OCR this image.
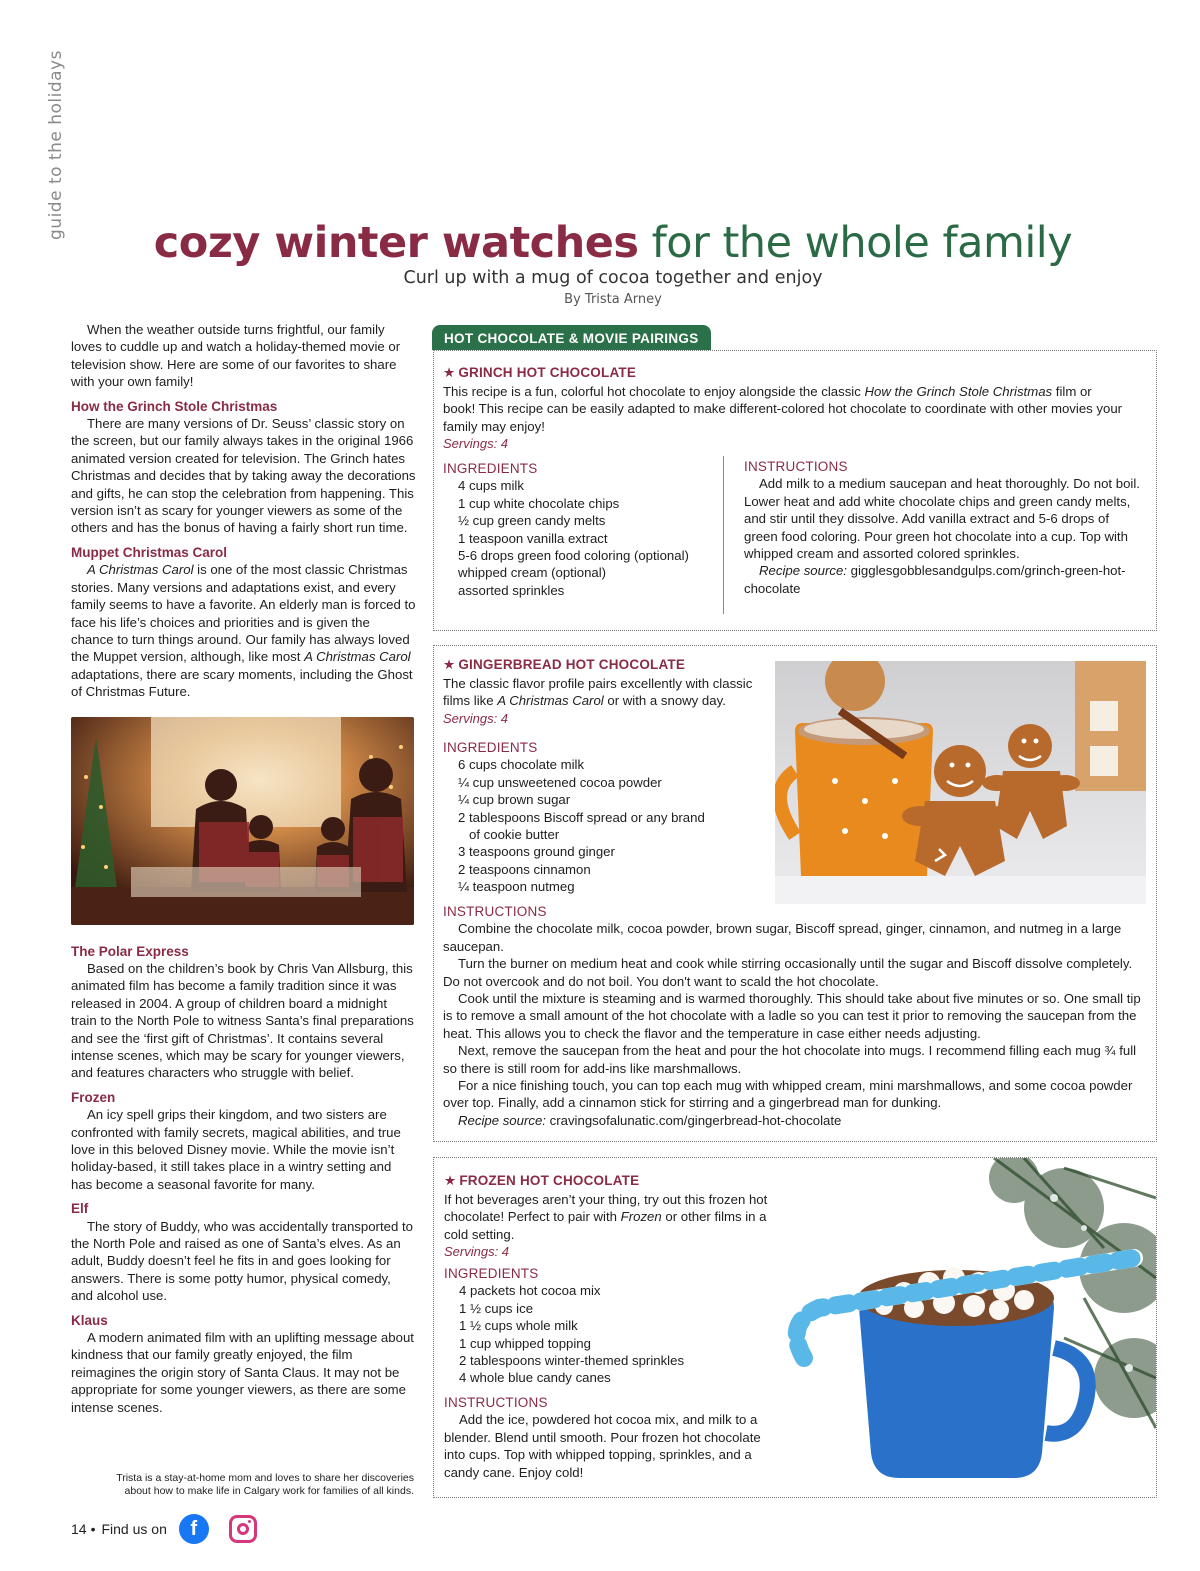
guide to the holidays
cozy winter watches for the whole family
Curl up with a mug of cocoa together and enjoy
By Trista Arney

When the weather outside turns frightful, our family loves to cuddle up and watch a holiday-themed movie or television show. Here are some of our favorites to share with your own family!

How the Grinch Stole Christmas

There are many versions of Dr. Seuss’ classic story on the screen, but our family always takes in the original 1966 animated version created for television. The Grinch hates Christmas and decides that by taking away the decorations and gifts, he can stop the celebration from happening. This version isn’t as scary for younger viewers as some of the others and has the bonus of having a fairly short run time.

Muppet Christmas Carol

A Christmas Carol is one of the most classic Christmas stories. Many versions and adaptations exist, and every family seems to have a favorite. An elderly man is forced to face his life’s choices and priorities and is given the chance to turn things around. Our family has always loved the Muppet version, although, like most A Christmas Carol adaptations, there are scary moments, including the Ghost of Christmas Future.

The Polar Express

Based on the children’s book by Chris Van Allsburg, this animated film has become a family tradition since it was released in 2004. A group of children board a midnight train to the North Pole to witness Santa’s final preparations and see the ‘first gift of Christmas’. It contains several intense scenes, which may be scary for younger viewers, and features characters who struggle with belief.

Frozen

An icy spell grips their kingdom, and two sisters are confronted with family secrets, magical abilities, and true love in this beloved Disney movie. While the movie isn’t holiday-based, it still takes place in a wintry setting and has become a seasonal favorite for many.

Elf

The story of Buddy, who was accidentally transported to the North Pole and raised as one of Santa’s elves. As an adult, Buddy doesn’t feel he fits in and goes looking for answers. There is some potty humor, physical comedy, and alcohol use.

Klaus

A modern animated film with an uplifting message about kindness that our family greatly enjoyed, the film reimagines the origin story of Santa Claus. It may not be appropriate for some younger viewers, as there are some intense scenes.

Trista is a stay-at-home mom and loves to share her discoveries about how to make life in Calgary work for families of all kinds.
14 • Find us on	f
HOT CHOCOLATE & MOVIE PAIRINGS
★ GRINCH HOT CHOCOLATE
This recipe is a fun, colorful hot chocolate to enjoy alongside the classic How the Grinch Stole Christmas film or book! This recipe can be easily adapted to make different-colored hot chocolate to coordinate with other movies your family may enjoy!
Servings: 4
INGREDIENTS
4 cups milk
1 cup white chocolate chips
½ cup green candy melts
1 teaspoon vanilla extract
5-6 drops green food coloring (optional)
whipped cream (optional)
assorted sprinkles
INSTRUCTIONS
Add milk to a medium saucepan and heat thoroughly. Do not boil. Lower heat and add white chocolate chips and green candy melts, and stir until they dissolve. Add vanilla extract and 5-6 drops of green food coloring. Pour green hot chocolate into a cup. Top with whipped cream and assorted colored sprinkles.
Recipe source: gigglesgobblesandgulps.com/grinch-green-hot-chocolate
★ GINGERBREAD HOT CHOCOLATE
The classic flavor profile pairs excellently with classic films like A Christmas Carol or with a snowy day.
Servings: 4
INGREDIENTS
6 cups chocolate milk
¼ cup unsweetened cocoa powder
¼ cup brown sugar
2 tablespoons Biscoff spread or any brand
of cookie butter
3 teaspoons ground ginger
2 teaspoons cinnamon
¼ teaspoon nutmeg
INSTRUCTIONS
Combine the chocolate milk, cocoa powder, brown sugar, Biscoff spread, ginger, cinnamon, and nutmeg in a large saucepan.
Turn the burner on medium heat and cook while stirring occasionally until the sugar and Biscoff dissolve completely. Do not overcook and do not boil. You don't want to scald the hot chocolate.
Cook until the mixture is steaming and is warmed thoroughly. This should take about five minutes or so. One small tip is to remove a small amount of the hot chocolate with a ladle so you can test it prior to removing the saucepan from the heat. This allows you to check the flavor and the temperature in case either needs adjusting.
Next, remove the saucepan from the heat and pour the hot chocolate into mugs. I recommend filling each mug ¾ full so there is still room for add-ins like marshmallows.
For a nice finishing touch, you can top each mug with whipped cream, mini marshmallows, and some cocoa powder over top. Finally, add a cinnamon stick for stirring and a gingerbread man for dunking.
Recipe source: cravingsofalunatic.com/gingerbread-hot-chocolate
★ FROZEN HOT CHOCOLATE
If hot beverages aren’t your thing, try out this frozen hot chocolate! Perfect to pair with Frozen or other films in a cold setting.
Servings: 4
INGREDIENTS
4 packets hot cocoa mix
1 ½ cups ice
1 ½ cups whole milk
1 cup whipped topping
2 tablespoons winter-themed sprinkles
4 whole blue candy canes
INSTRUCTIONS
Add the ice, powdered hot cocoa mix, and milk to a blender. Blend until smooth. Pour frozen hot chocolate into cups. Top with whipped topping, sprinkles, and a candy cane. Enjoy cold!
